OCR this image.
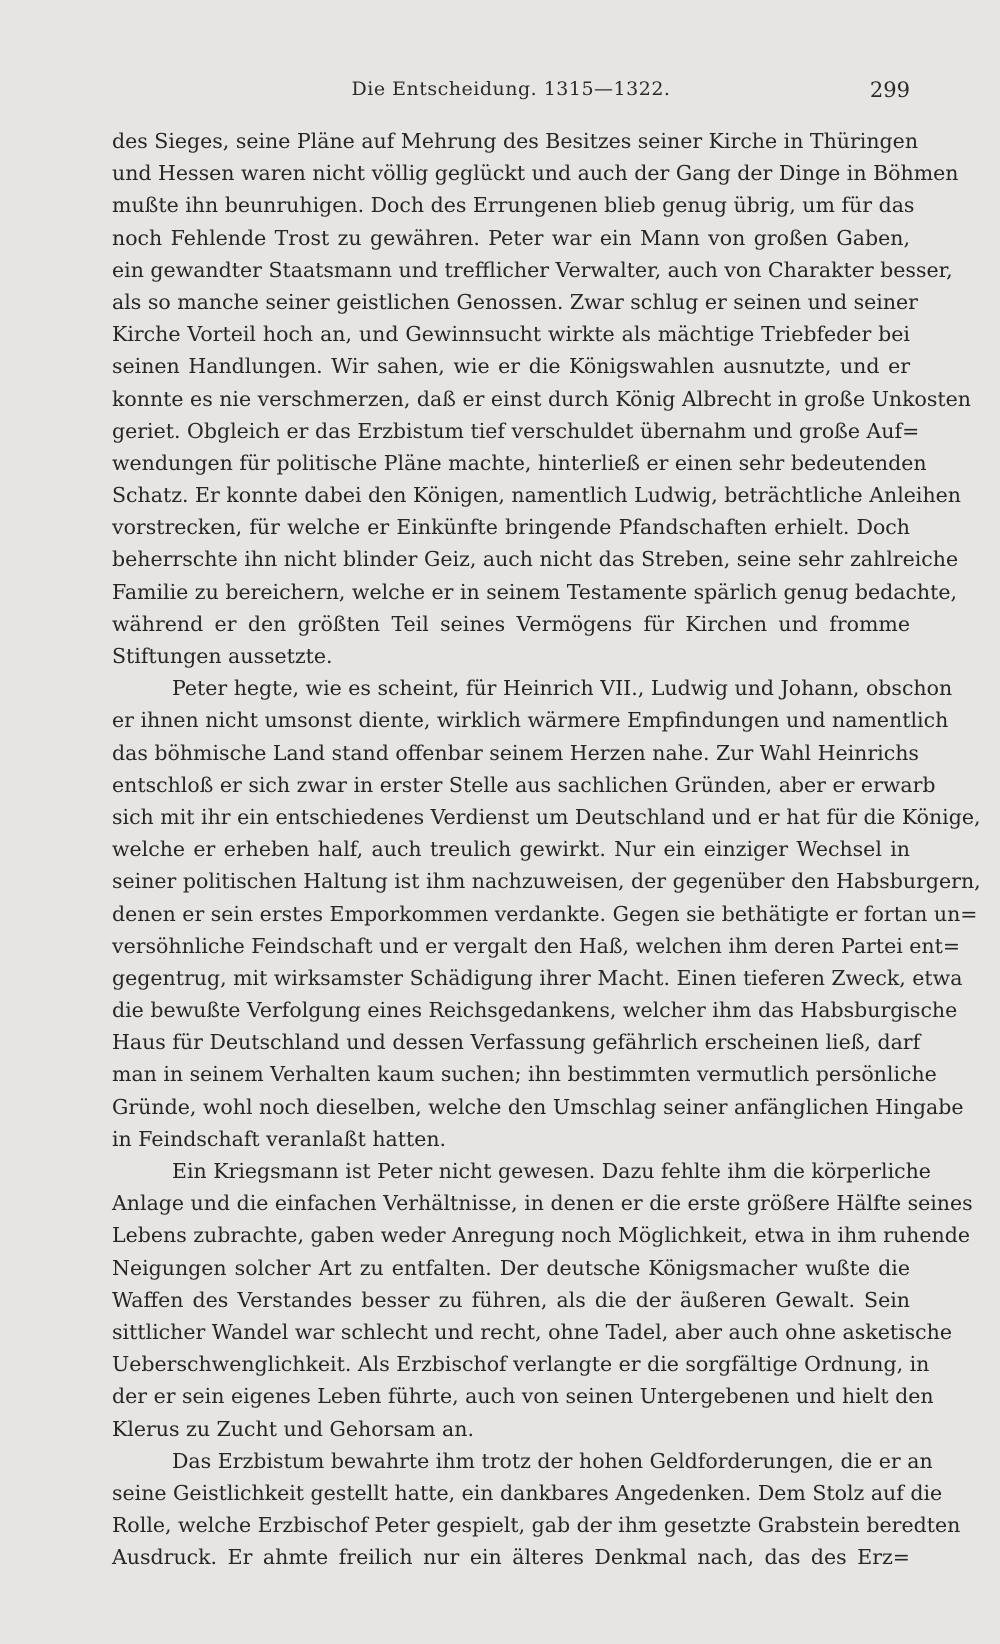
Die Entscheidung. 1315—1322.	299
des Sieges, seine Pläne auf Mehrung des Besitzes seiner Kirche in Thüringen
und Hessen waren nicht völlig geglückt und auch der Gang der Dinge in Böhmen
mußte ihn beunruhigen. Doch des Errungenen blieb genug übrig, um für das
noch Fehlende Trost zu gewähren. Peter war ein Mann von großen Gaben,
ein gewandter Staatsmann und trefflicher Verwalter, auch von Charakter besser,
als so manche seiner geistlichen Genossen. Zwar schlug er seinen und seiner
Kirche Vorteil hoch an, und Gewinnsucht wirkte als mächtige Triebfeder bei
seinen Handlungen. Wir sahen, wie er die Königswahlen ausnutzte, und er
konnte es nie verschmerzen, daß er einst durch König Albrecht in große Unkosten
geriet. Obgleich er das Erzbistum tief verschuldet übernahm und große Auf=
wendungen für politische Pläne machte, hinterließ er einen sehr bedeutenden
Schatz. Er konnte dabei den Königen, namentlich Ludwig, beträchtliche Anleihen
vorstrecken, für welche er Einkünfte bringende Pfandschaften erhielt. Doch
beherrschte ihn nicht blinder Geiz, auch nicht das Streben, seine sehr zahlreiche
Familie zu bereichern, welche er in seinem Testamente spärlich genug bedachte,
während er den größten Teil seines Vermögens für Kirchen und fromme
Stiftungen aussetzte.
Peter hegte, wie es scheint, für Heinrich VII., Ludwig und Johann, obschon
er ihnen nicht umsonst diente, wirklich wärmere Empfindungen und namentlich
das böhmische Land stand offenbar seinem Herzen nahe. Zur Wahl Heinrichs
entschloß er sich zwar in erster Stelle aus sachlichen Gründen, aber er erwarb
sich mit ihr ein entschiedenes Verdienst um Deutschland und er hat für die Könige,
welche er erheben half, auch treulich gewirkt. Nur ein einziger Wechsel in
seiner politischen Haltung ist ihm nachzuweisen, der gegenüber den Habsburgern,
denen er sein erstes Emporkommen verdankte. Gegen sie bethätigte er fortan un=
versöhnliche Feindschaft und er vergalt den Haß, welchen ihm deren Partei ent=
gegentrug, mit wirksamster Schädigung ihrer Macht. Einen tieferen Zweck, etwa
die bewußte Verfolgung eines Reichsgedankens, welcher ihm das Habsburgische
Haus für Deutschland und dessen Verfassung gefährlich erscheinen ließ, darf
man in seinem Verhalten kaum suchen; ihn bestimmten vermutlich persönliche
Gründe, wohl noch dieselben, welche den Umschlag seiner anfänglichen Hingabe
in Feindschaft veranlaßt hatten.
Ein Kriegsmann ist Peter nicht gewesen. Dazu fehlte ihm die körperliche
Anlage und die einfachen Verhältnisse, in denen er die erste größere Hälfte seines
Lebens zubrachte, gaben weder Anregung noch Möglichkeit, etwa in ihm ruhende
Neigungen solcher Art zu entfalten. Der deutsche Königsmacher wußte die
Waffen des Verstandes besser zu führen, als die der äußeren Gewalt. Sein
sittlicher Wandel war schlecht und recht, ohne Tadel, aber auch ohne asketische
Ueberschwenglichkeit. Als Erzbischof verlangte er die sorgfältige Ordnung, in
der er sein eigenes Leben führte, auch von seinen Untergebenen und hielt den
Klerus zu Zucht und Gehorsam an.
Das Erzbistum bewahrte ihm trotz der hohen Geldforderungen, die er an
seine Geistlichkeit gestellt hatte, ein dankbares Angedenken. Dem Stolz auf die
Rolle, welche Erzbischof Peter gespielt, gab der ihm gesetzte Grabstein beredten
Ausdruck. Er ahmte freilich nur ein älteres Denkmal nach, das des Erz=
